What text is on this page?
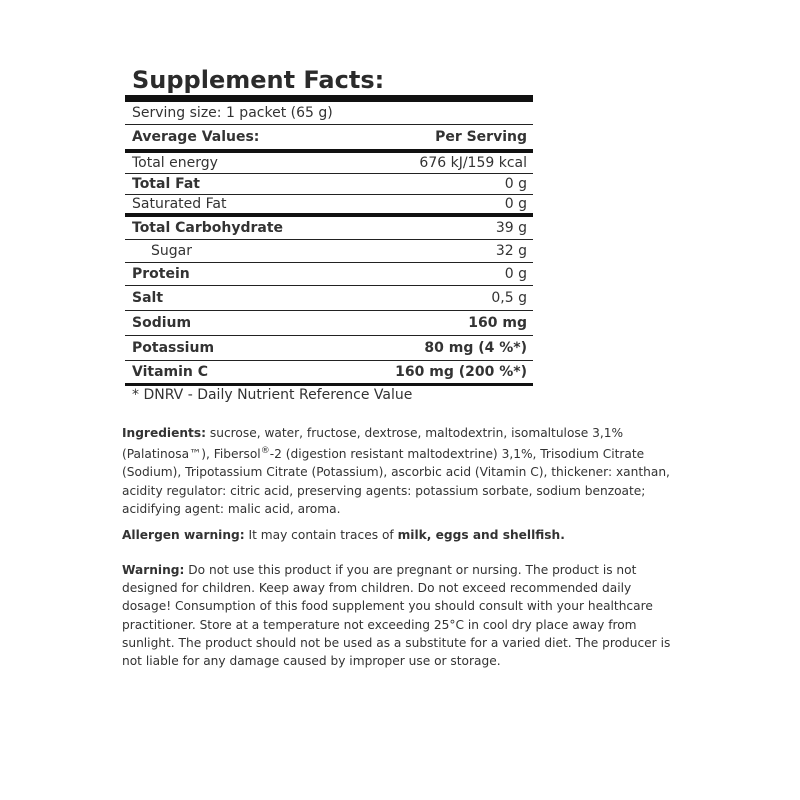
Supplement Facts:
Serving size: 1 packet (65 g)
Average Values:	Per Serving
Total energy	676 kJ/159 kcal
Total Fat	0 g
Saturated Fat	0 g
Total Carbohydrate	39 g
Sugar	32 g
Protein	0 g
Salt	0,5 g
Sodium	160 mg
Potassium	80 mg (4 %*)
Vitamin C	160 mg (200 %*)
* DNRV - Daily Nutrient Reference Value
Ingredients: sucrose, water, fructose, dextrose, maltodextrin, isomaltulose 3,1% (Palatinosa™), Fibersol®-2 (digestion resistant maltodextrine) 3,1%, Trisodium Citrate (Sodium), Tripotassium Citrate (Potassium), ascorbic acid (Vitamin C), thickener: xanthan, acidity regulator: citric acid, preserving agents: potassium sorbate, sodium benzoate; acidifying agent: malic acid, aroma.
Allergen warning: It may contain traces of milk, eggs and shellfish.
Warning: Do not use this product if you are pregnant or nursing. The product is not designed for children. Keep away from children. Do not exceed recommended daily dosage! Consumption of this food supplement you should consult with your healthcare practitioner. Store at a temperature not exceeding 25°C in cool dry place away from sunlight. The product should not be used as a substitute for a varied diet. The producer is not liable for any damage caused by improper use or storage.
